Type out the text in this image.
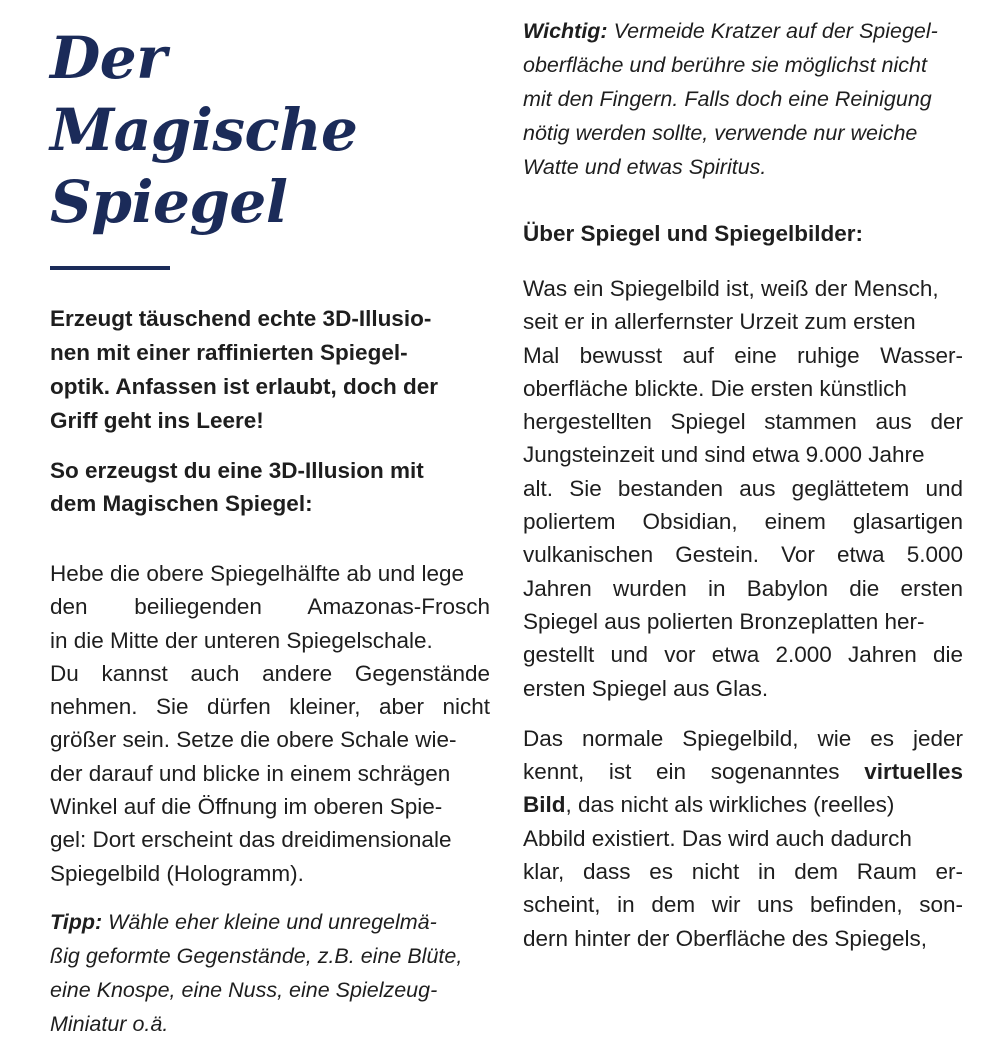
Der Magische
Spiegel

Erzeugt täuschend echte 3D-Illusio-
nen mit einer raffinierten Spiegel-
optik. Anfassen ist erlaubt, doch der
Griff geht ins Leere!

So erzeugst du eine 3D-Illusion mit
dem Magischen Spiegel:

Hebe die obere Spiegelhälfte ab und lege
den beiliegenden Amazonas-Frosch
in die Mitte der unteren Spiegelschale.
Du kannst auch andere Gegenstände
nehmen. Sie dürfen kleiner, aber nicht
größer sein. Setze die obere Schale wie-
der darauf und blicke in einem schrägen
Winkel auf die Öffnung im oberen Spie-
gel: Dort erscheint das dreidimensionale
Spiegelbild (Hologramm).

Tipp: Wähle eher kleine und unregelmä-
ßig geformte Gegenstände, z.B. eine Blüte,
eine Knospe, eine Nuss, eine Spielzeug-
Miniatur o.ä.

Wichtig: Vermeide Kratzer auf der Spiegel-
oberfläche und berühre sie möglichst nicht
mit den Fingern. Falls doch eine Reinigung
nötig werden sollte, verwende nur weiche
Watte und etwas Spiritus.

Über Spiegel und Spiegelbilder:

Was ein Spiegelbild ist, weiß der Mensch,
seit er in allerfernster Urzeit zum ersten
Mal bewusst auf eine ruhige Wasser-
oberfläche blickte. Die ersten künstlich
hergestellten Spiegel stammen aus der
Jungsteinzeit und sind etwa 9.000 Jahre
alt. Sie bestanden aus geglättetem und
poliertem Obsidian, einem glasartigen
vulkanischen Gestein. Vor etwa 5.000
Jahren wurden in Babylon die ersten
Spiegel aus polierten Bronzeplatten her-
gestellt und vor etwa 2.000 Jahren die
ersten Spiegel aus Glas.

Das normale Spiegelbild, wie es jeder
kennt, ist ein sogenanntes virtuelles
Bild, das nicht als wirkliches (reelles)
Abbild existiert. Das wird auch dadurch
klar, dass es nicht in dem Raum er-
scheint, in dem wir uns befinden, son-
dern hinter der Oberfläche des Spiegels,
